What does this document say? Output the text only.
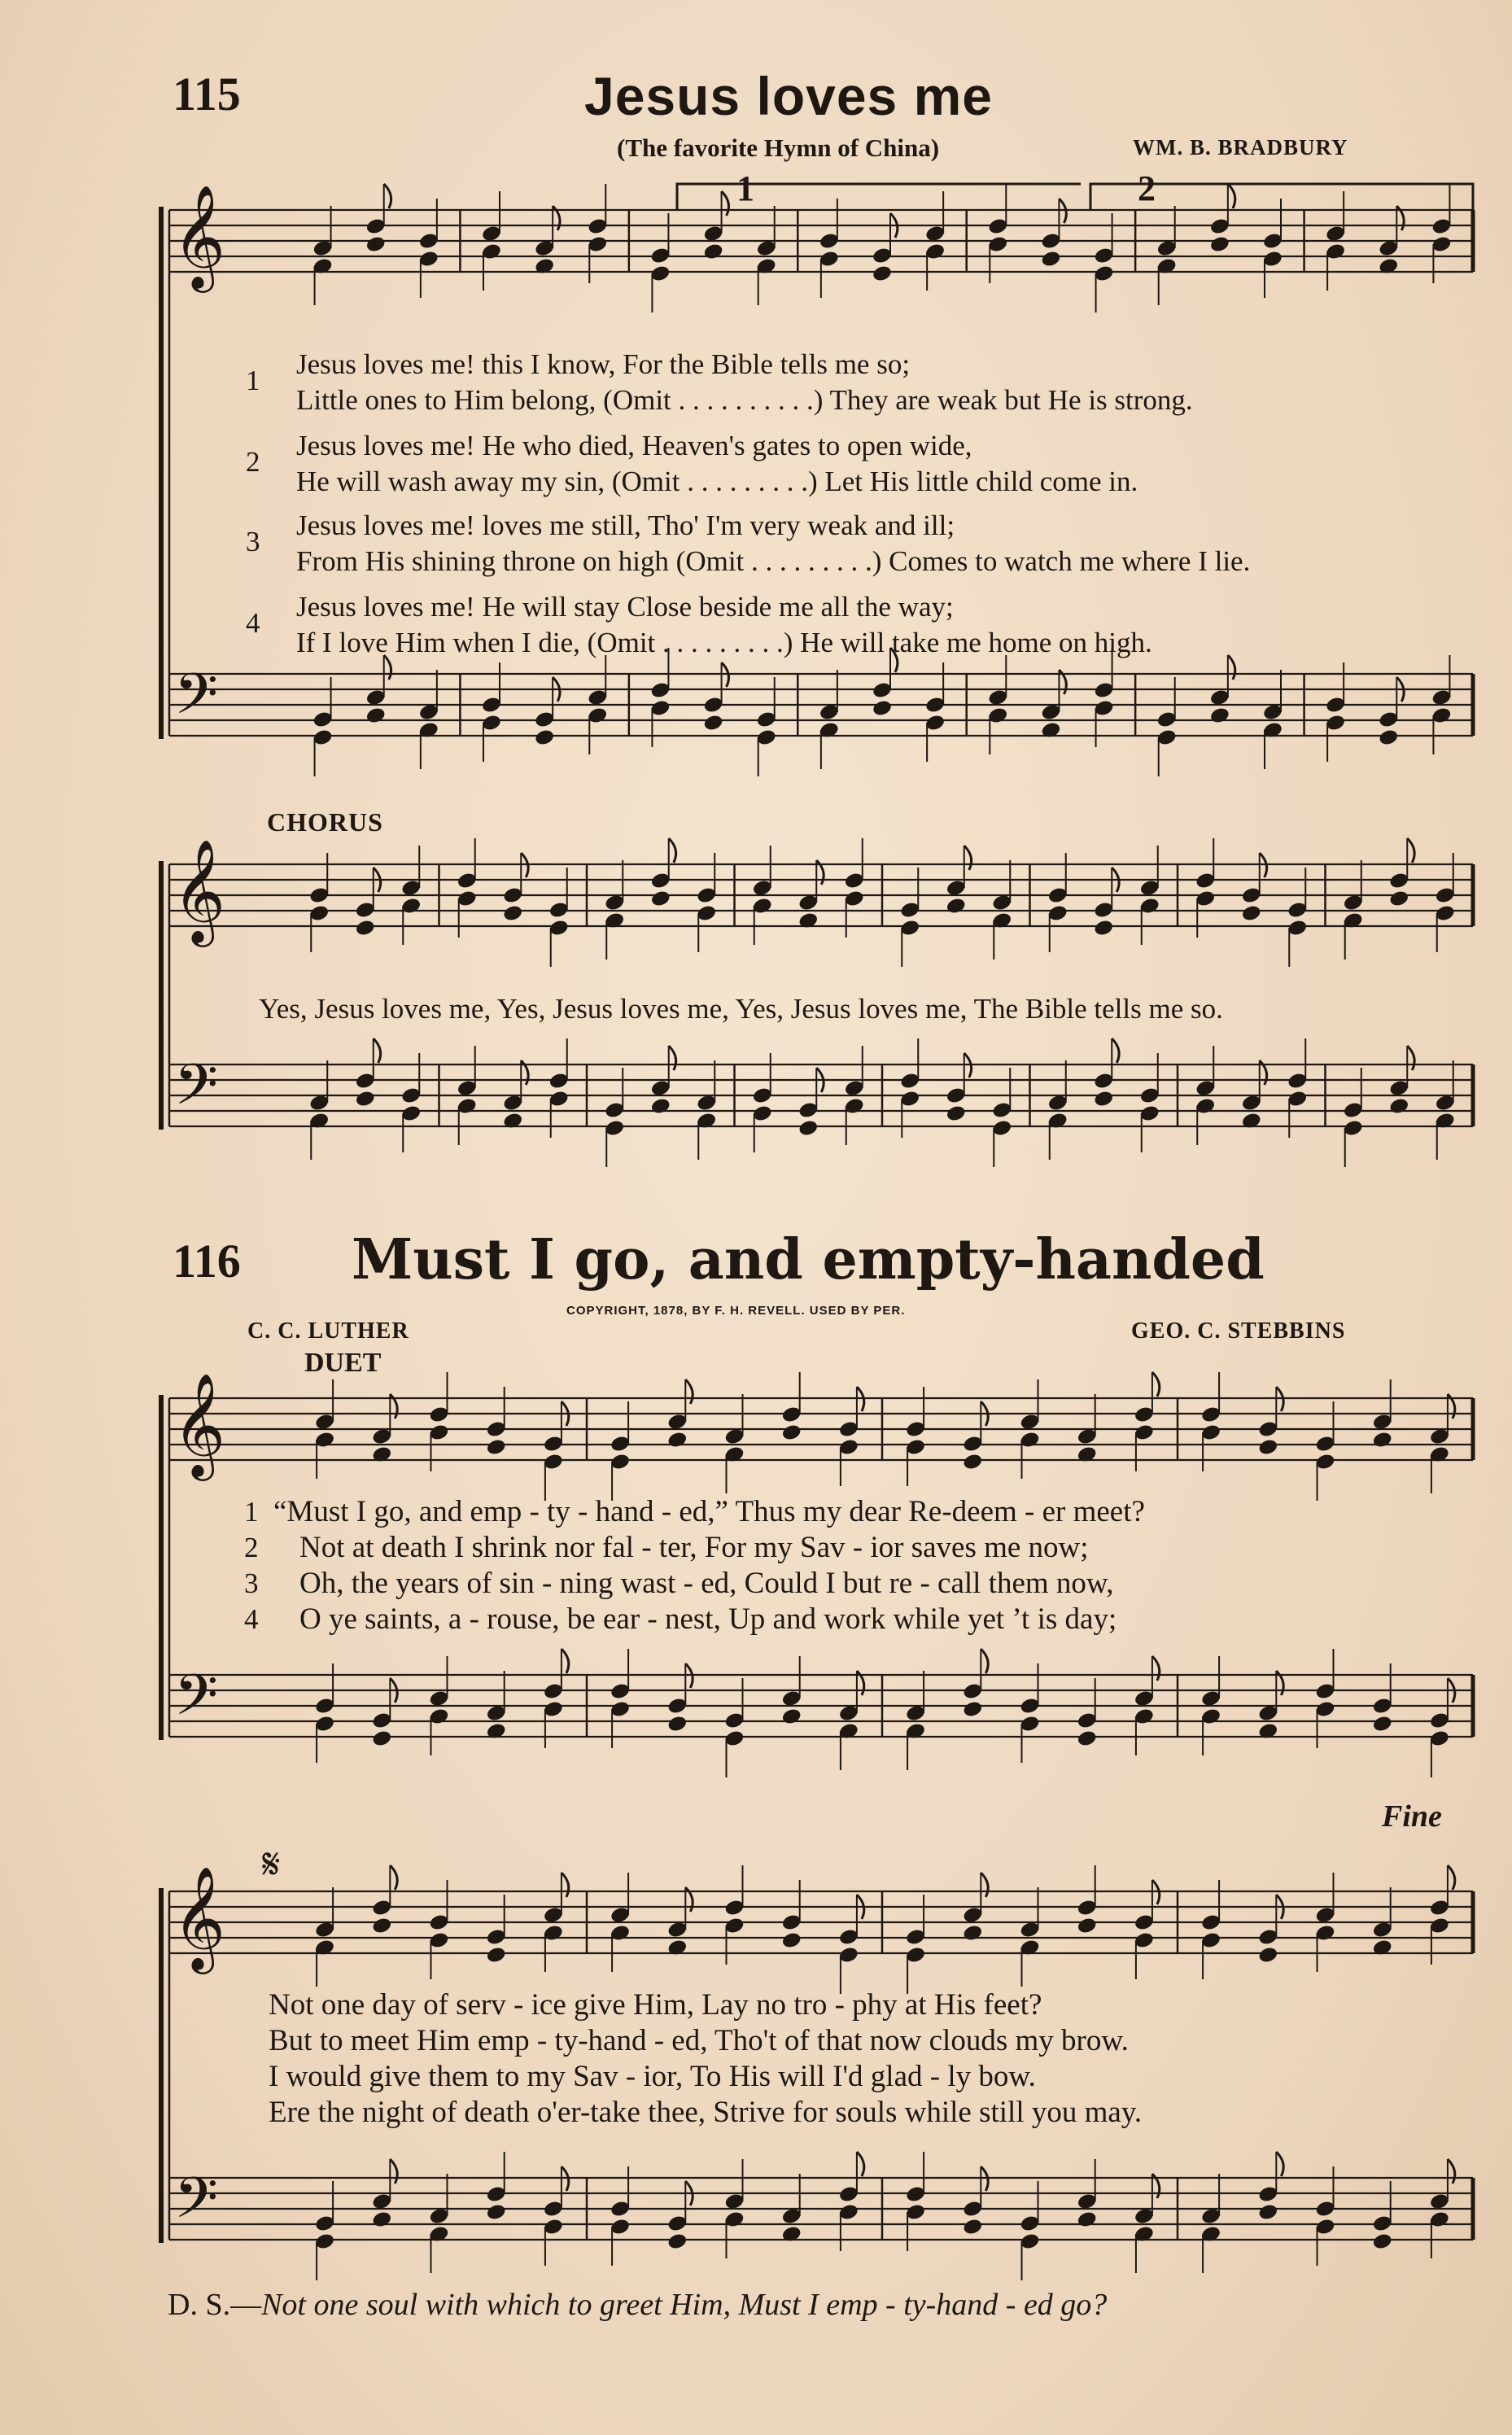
𝄞
𝄢
𝄞
𝄢
𝄞
𝄢
𝄞
𝄢
𝄋
115	Jesus loves me
(The favorite Hymn of China)	WM. B. BRADBURY
1	2
1
2
3
4
Jesus loves me! this I know, For the Bible tells me so;
Little ones to Him belong, (Omit . . . . . . . . . .) They are weak but He is strong.
Jesus loves me! He who died, Heaven's gates to open wide,
He will wash away my sin, (Omit . . . . . . . . .) Let His little child come in.
Jesus loves me! loves me still, Tho' I'm very weak and ill;
From His shining throne on high (Omit . . . . . . . . .) Comes to watch me where I lie.
Jesus loves me! He will stay Close beside me all the way;
If I love Him when I die, (Omit . . . . . . . . .) He will take me home on high.
CHORUS
Yes, Jesus loves me, Yes, Jesus loves me, Yes, Jesus loves me, The Bible tells me so.
116 Must I go, and empty-handed
COPYRIGHT, 1878, BY F. H. REVELL. USED BY PER.
C. C. LUTHER	GEO. C. STEBBINS
DUET
Fine
1
2
3
4
“Must I go, and emp - ty - hand - ed,” Thus my dear Re-deem - er meet?
Not at death I shrink nor fal - ter, For my Sav - ior saves me now;
Oh, the years of sin - ning wast - ed, Could I but re - call them now,
O ye saints, a - rouse, be ear - nest, Up and work while yet ’t is day;
Not one day of serv - ice give Him, Lay no tro - phy at His feet?
But to meet Him emp - ty-hand - ed, Tho't of that now clouds my brow.
I would give them to my Sav - ior, To His will I'd glad - ly bow.
Ere the night of death o'er-take thee, Strive for souls while still you may.
D. S.—Not one soul with which to greet Him, Must I emp - ty-hand - ed go?
